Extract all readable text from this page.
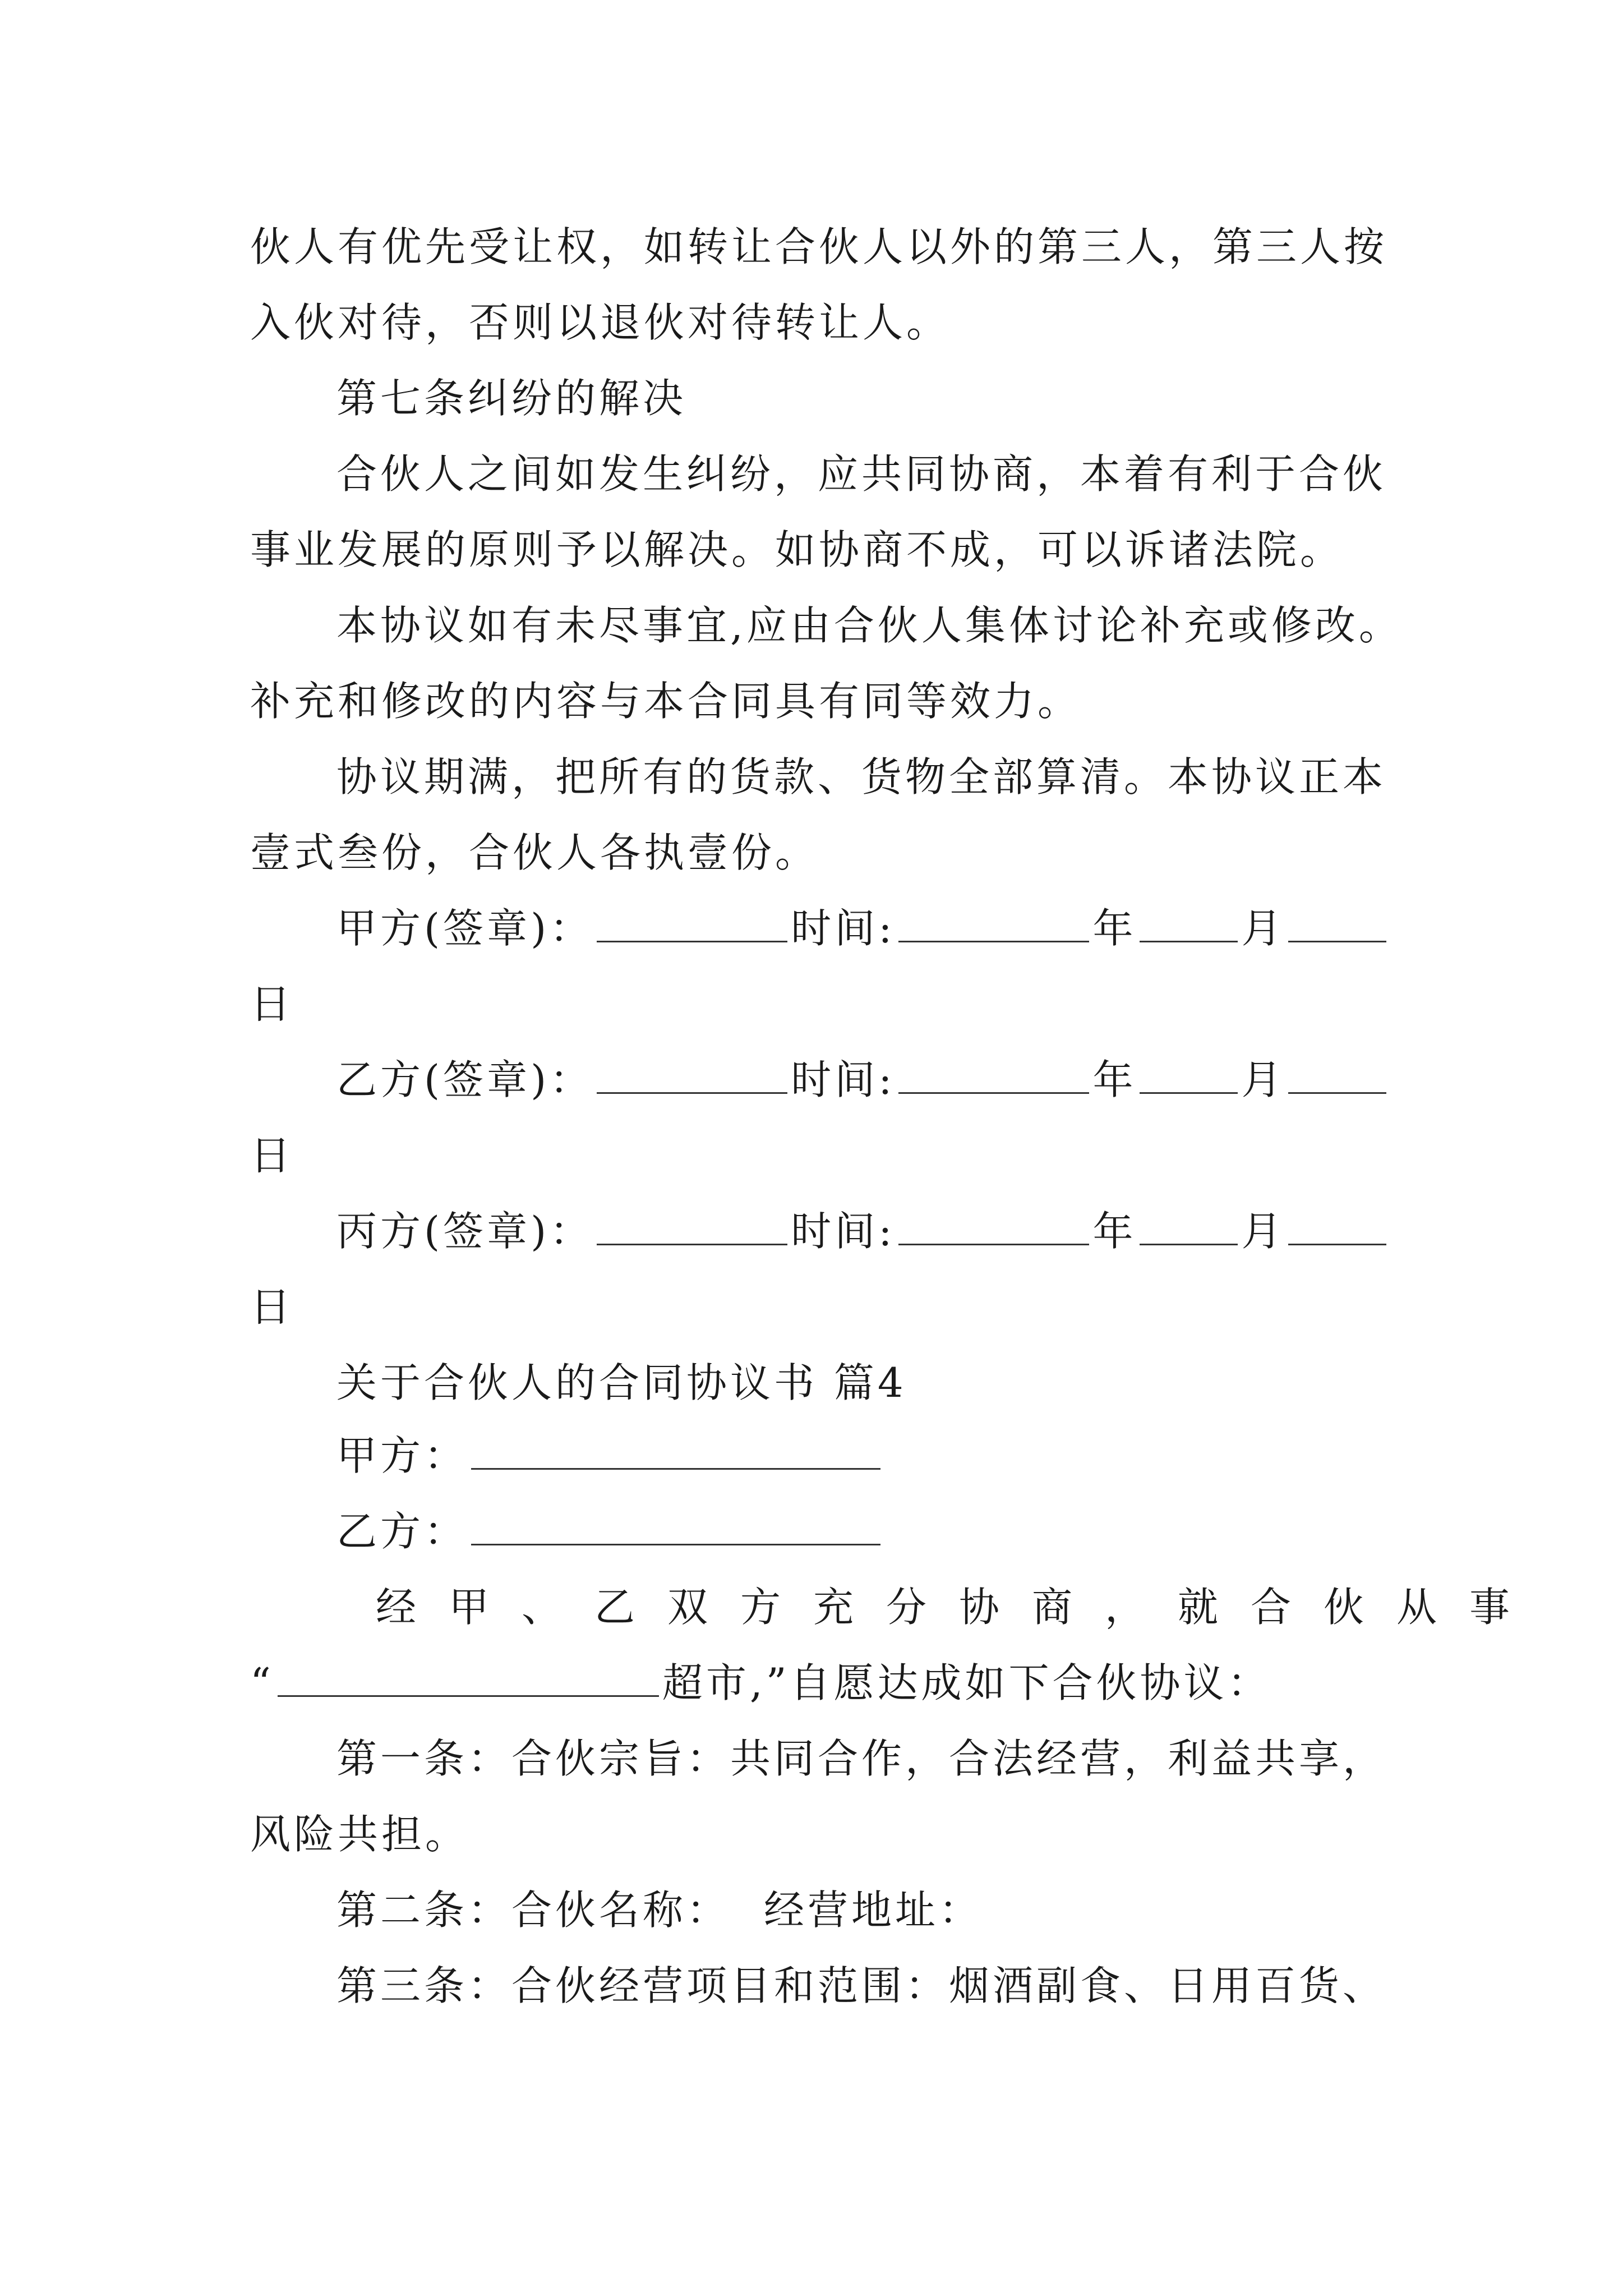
伙人有优先受让权，如转让合伙人以外的第三人，第三人按
入伙对待，否则以退伙对待转让人。
第七条纠纷的解决
合伙人之间如发生纠纷，应共同协商，本着有利于合伙
事业发展的原则予以解决。如协商不成，可以诉诸法院。
本协议如有未尽事宜,应由合伙人集体讨论补充或修改。
补充和修改的内容与本合同具有同等效力。
协议期满，把所有的货款、货物全部算清。本协议正本
壹式叁份，合伙人各执壹份。
甲方(签章)：	时间:	年	月
日
乙方(签章)：	时间:	年	月
日
丙方(签章)：	时间:	年	月
日
关于合伙人的合同协议书 篇4
甲方：
乙方：
经甲、乙双方充分协商，就合伙从事
“	超市,”自愿达成如下合伙协议：
第一条：合伙宗旨：共同合作，合法经营，利益共享，
风险共担。
第二条：合伙名称： 经营地址：
第三条：合伙经营项目和范围：烟酒副食、日用百货、
